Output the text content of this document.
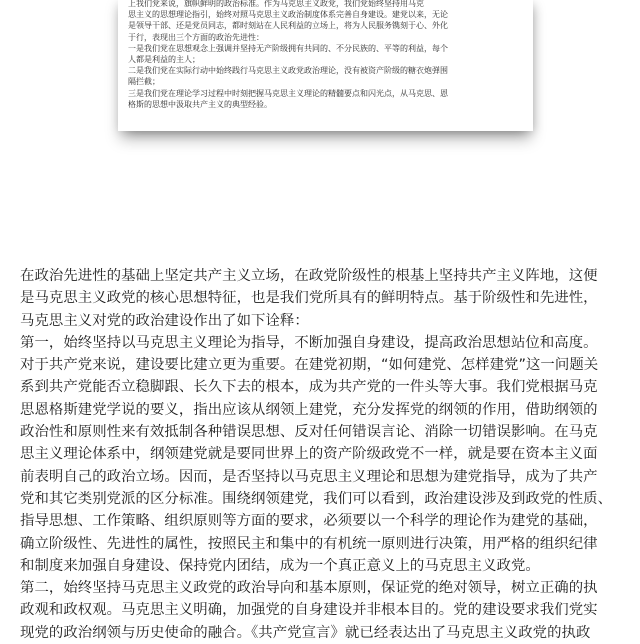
上我们党来说，旗帜鲜明的政治标准。作为马克思主义政党，我们党始终坚持用马克

思主义的思想理论指引，始终对照马克思主义政治制度体系完善自身建设。建党以来，无论

是领导干部、还是党员同志，都时刻站在人民利益的立场上，将为人民服务镌刻于心、外化

于行，表现出三个方面的政治先进性：

一是我们党在思想观念上强调并坚持无产阶级拥有共同的、不分民族的、平等的利益，每个

人都是利益的主人；

二是我们党在实际行动中始终践行马克思主义政党政治理论，没有被资产阶级的糖衣炮弹围

隔拦截；

三是我们党在理论学习过程中时刻把握马克思主义理论的精髓要点和闪光点，从马克思、恩

格斯的思想中汲取共产主义的典型经验。

在政治先进性的基础上坚定共产主义立场，在政党阶级性的根基上坚持共产主义阵地，这便
是马克思主义政党的核心思想特征，也是我们党所具有的鲜明特点。基于阶级性和先进性，
马克思主义对党的政治建设作出了如下诠释：

第一，始终坚持以马克思主义理论为指导，不断加强自身建设，提高政治思想站位和高度。
对于共产党来说，建设要比建立更为重要。在建党初期，“如何建党、怎样建党”这一问题关
系到共产党能否立稳脚跟、长久下去的根本，成为共产党的一件头等大事。我们党根据马克
思恩格斯建党学说的要义，指出应该从纲领上建党，充分发挥党的纲领的作用，借助纲领的
政治性和原则性来有效抵制各种错误思想、反对任何错误言论、消除一切错误影响。在马克
思主义理论体系中，纲领建党就是要同世界上的资产阶级政党不一样，就是要在资本主义面
前表明自己的政治立场。因而，是否坚持以马克思主义理论和思想为建党指导，成为了共产
党和其它类别党派的区分标准。围绕纲领建党，我们可以看到，政治建设涉及到政党的性质、
指导思想、工作策略、组织原则等方面的要求，必须要以一个科学的理论作为建党的基础，
确立阶级性、先进性的属性，按照民主和集中的有机统一原则进行决策，用严格的组织纪律
和制度来加强自身建设、保持党内团结，成为一个真正意义上的马克思主义政党。

第二，始终坚持马克思主义政党的政治导向和基本原则，保证党的绝对领导，树立正确的执
政观和政权观。马克思主义明确，加强党的自身建设并非根本目的。党的建设要求我们党实
现党的政治纲领与历史使命的融合。《共产党宣言》就已经表达出了马克思主义政党的执政
